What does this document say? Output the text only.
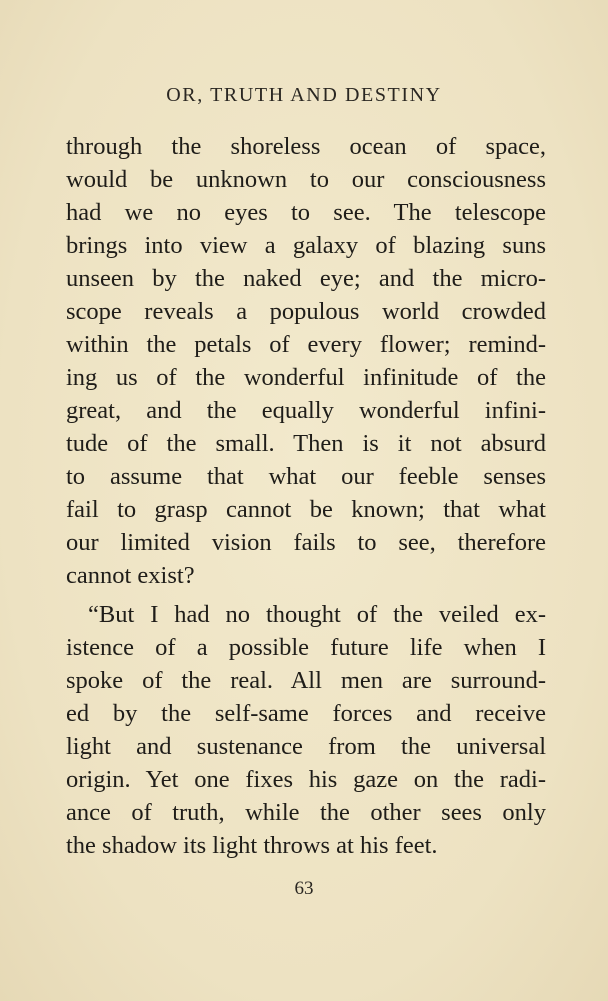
OR, TRUTH AND DESTINY
through the shoreless ocean of space,
would be unknown to our consciousness
had we no eyes to see. The telescope
brings into view a galaxy of blazing suns
unseen by the naked eye; and the micro-
scope reveals a populous world crowded
within the petals of every flower; remind-
ing us of the wonderful infinitude of the
great, and the equally wonderful infini-
tude of the small. Then is it not absurd
to assume that what our feeble senses
fail to grasp cannot be known; that what
our limited vision fails to see, therefore
cannot exist?
“But I had no thought of the veiled ex-
istence of a possible future life when I
spoke of the real. All men are surround-
ed by the self-same forces and receive
light and sustenance from the universal
origin. Yet one fixes his gaze on the radi-
ance of truth, while the other sees only
the shadow its light throws at his feet.
63
